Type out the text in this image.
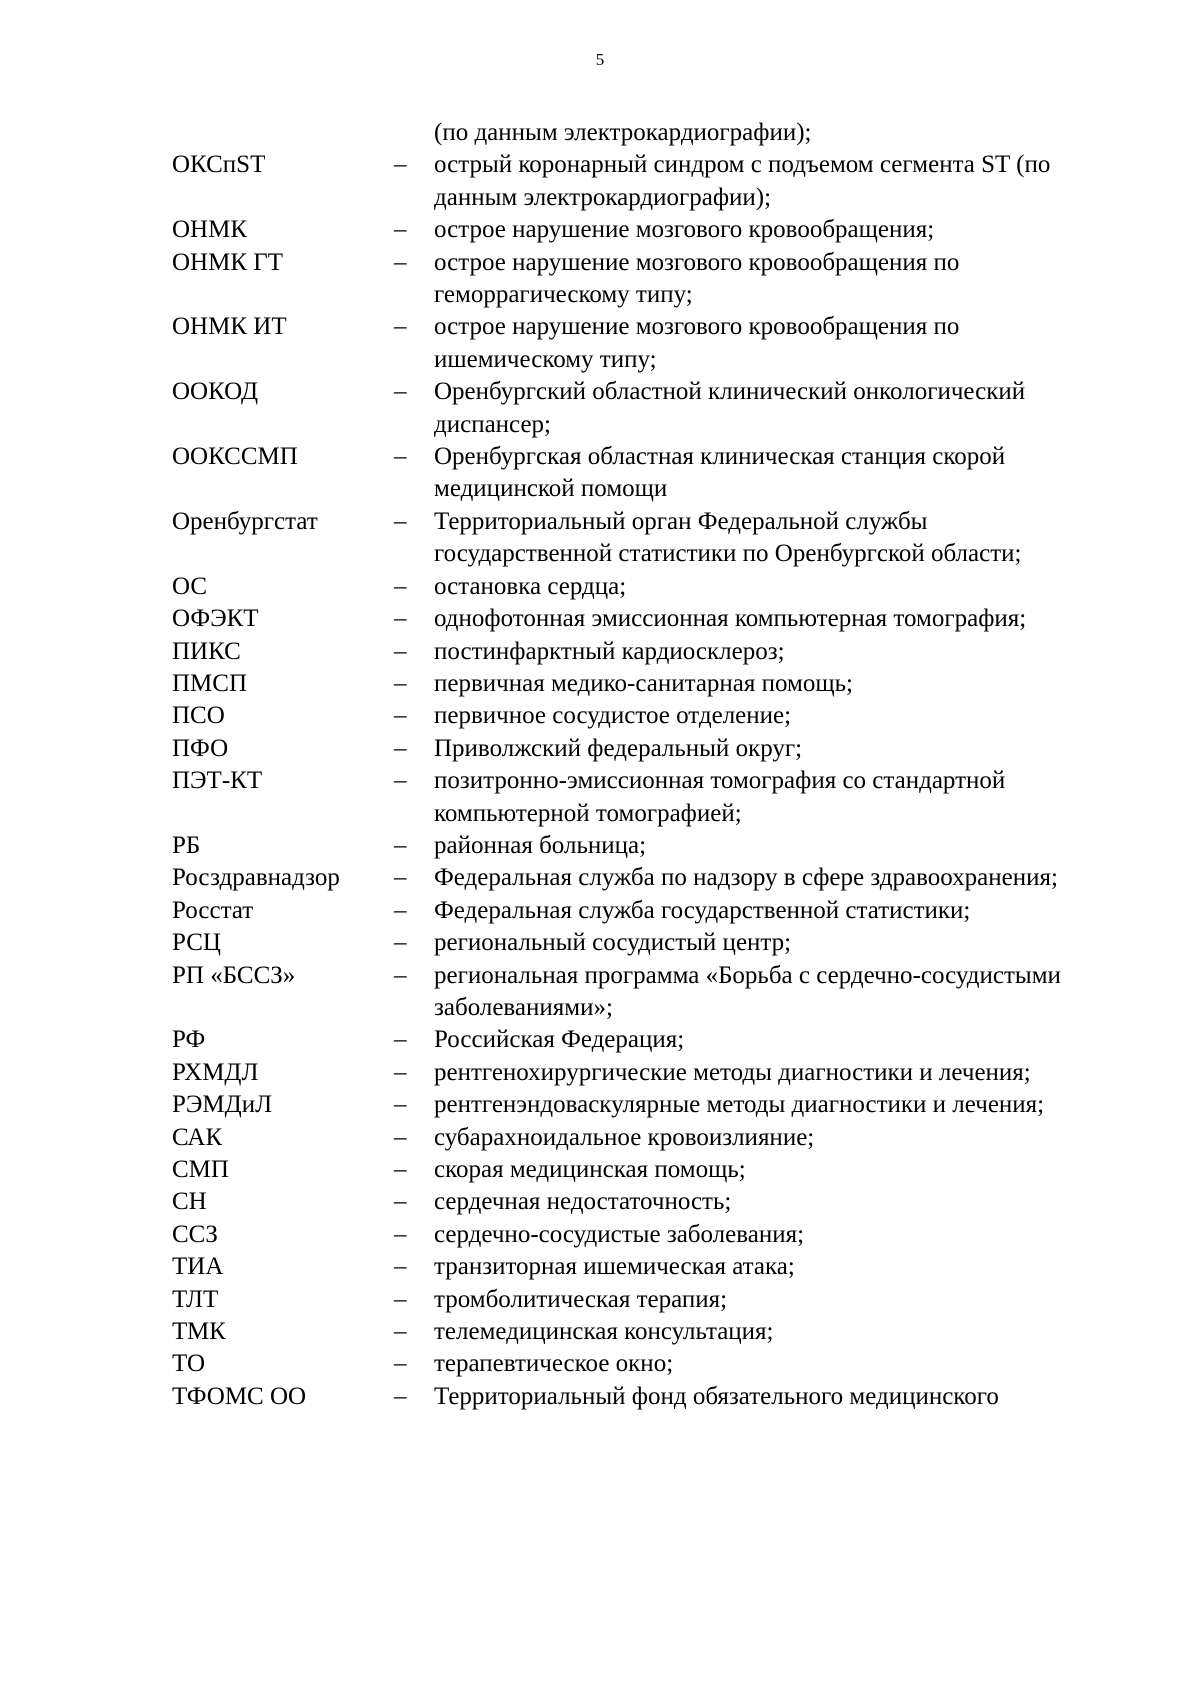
5
(по данным электрокардиографии);
ОКСпST	–	острый коронарный синдром с подъемом сегмента ST (по данным электрокардиографии);
ОНМК	–	острое нарушение мозгового кровообращения;
ОНМК ГТ	–	острое нарушение мозгового кровообращения по геморрагическому типу;
ОНМК ИТ	–	острое нарушение мозгового кровообращения по ишемическому типу;
ООКОД	–	Оренбургский областной клинический онкологический диспансер;
ООКССМП	–	Оренбургская областная клиническая станция скорой медицинской помощи
Оренбургстат	–	Территориальный орган Федеральной службы государственной статистики по Оренбургской области;
ОС	–	остановка сердца;
ОФЭКТ	–	однофотонная эмиссионная компьютерная томография;
ПИКС	–	постинфарктный кардиосклероз;
ПМСП	–	первичная медико-санитарная помощь;
ПСО	–	первичное сосудистое отделение;
ПФО	–	Приволжский федеральный округ;
ПЭТ-КТ	–	позитронно-эмиссионная томография со стандартной компьютерной томографией;
РБ	–	районная больница;
Росздравнадзор	–	Федеральная служба по надзору в сфере здравоохранения;
Росстат	–	Федеральная служба государственной статистики;
РСЦ	–	региональный сосудистый центр;
РП «БССЗ»	–	региональная программа «Борьба с сердечно-сосудистыми заболеваниями»;
РФ	–	Российская Федерация;
РХМДЛ	–	рентгенохирургические методы диагностики и лечения;
РЭМДиЛ	–	рентгенэндоваскулярные методы диагностики и лечения;
САК	–	субарахноидальное кровоизлияние;
СМП	–	скорая медицинская помощь;
СН	–	сердечная недостаточность;
ССЗ	–	сердечно-сосудистые заболевания;
ТИА	–	транзиторная ишемическая атака;
ТЛТ	–	тромболитическая терапия;
ТМК	–	телемедицинская консультация;
ТО	–	терапевтическое окно;
ТФОМС ОО	–	Территориальный фонд обязательного медицинского
